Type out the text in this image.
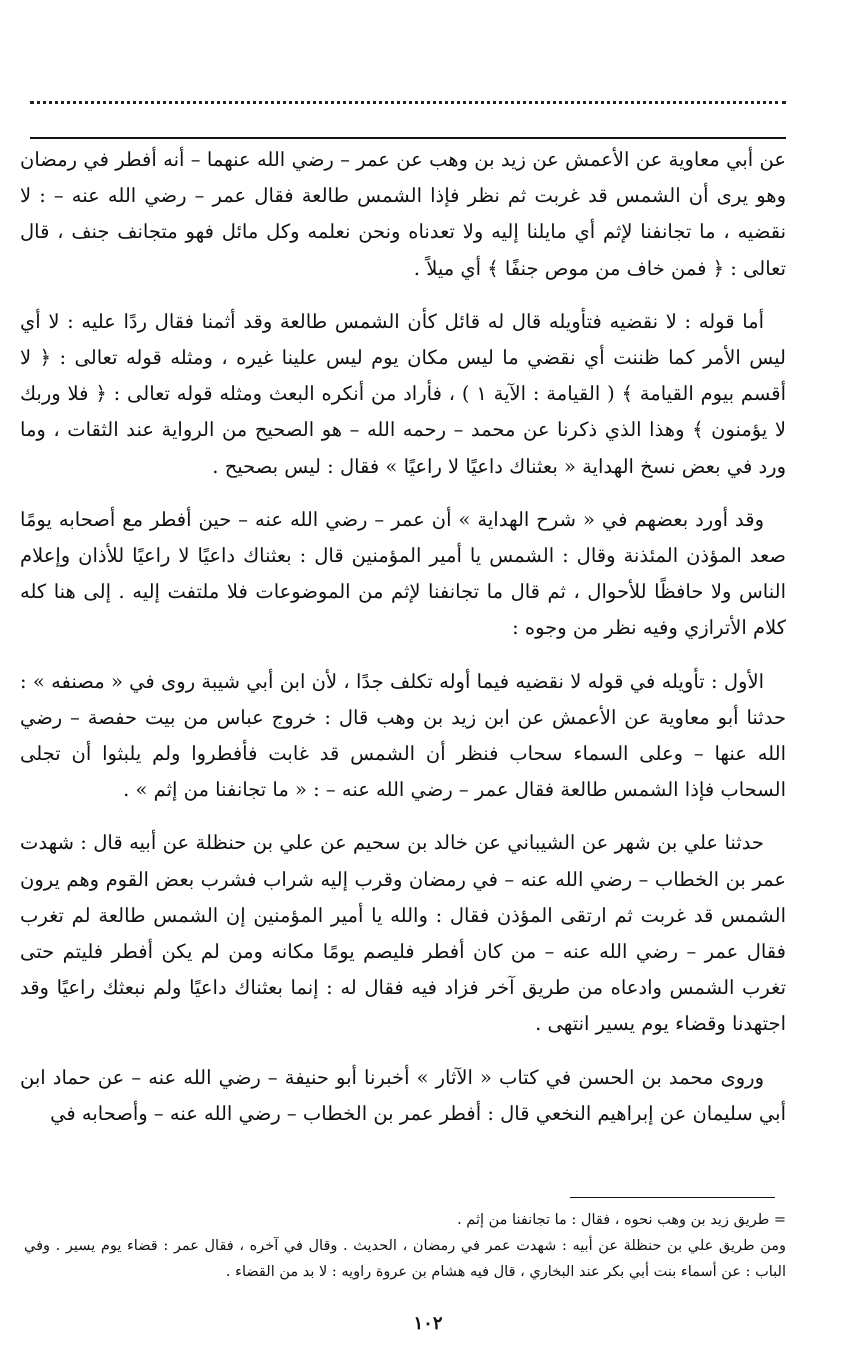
عن أبي معاوية عن الأعمش عن زيد بن وهب عن عمر – رضي الله عنهما – أنه أفطر في رمضان وهو يرى أن الشمس قد غربت ثم نظر فإذا الشمس طالعة فقال عمر – رضي الله عنه – : لا نقضيه ، ما تجانفنا لإثم أي مايلنا إليه ولا تعدناه ونحن نعلمه وكل مائل فهو متجانف جنف ، قال تعالى : ﴿ فمن خاف من موص جنفًا ﴾ أي ميلاً .

أما قوله : لا نقضيه فتأويله قال له قائل كأن الشمس طالعة وقد أثمنا فقال ردًا عليه : لا أي ليس الأمر كما ظننت أي نقضي ما ليس مكان يوم ليس علينا غيره ، ومثله قوله تعالى : ﴿ لا أقسم بيوم القيامة ﴾ ( القيامة : الآية ١ ) ، فأراد من أنكره البعث ومثله قوله تعالى : ﴿ فلا وربك لا يؤمنون ﴾ وهذا الذي ذكرنا عن محمد – رحمه الله – هو الصحيح من الرواية عند الثقات ، وما ورد في بعض نسخ الهداية « بعثناك داعيًا لا راعيًا » فقال : ليس بصحيح .

وقد أورد بعضهم في « شرح الهداية » أن عمر – رضي الله عنه – حين أفطر مع أصحابه يومًا صعد المؤذن المئذنة وقال : الشمس يا أمير المؤمنين قال : بعثناك داعيًا لا راعيًا للأذان وإعلام الناس ولا حافظًا للأحوال ، ثم قال ما تجانفنا لإثم من الموضوعات فلا ملتفت إليه . إلى هنا كله كلام الأترازي وفيه نظر من وجوه :

الأول : تأويله في قوله لا نقضيه فيما أوله تكلف جدًا ، لأن ابن أبي شيبة روى في « مصنفه » : حدثنا أبو معاوية عن الأعمش عن ابن زيد بن وهب قال : خروج عباس من بيت حفصة – رضي الله عنها – وعلى السماء سحاب فنظر أن الشمس قد غابت فأفطروا ولم يلبثوا أن تجلى السحاب فإذا الشمس طالعة فقال عمر – رضي الله عنه – : « ما تجانفنا من إثم » .

حدثنا علي بن شهر عن الشيباني عن خالد بن سحيم عن علي بن حنظلة عن أبيه قال : شهدت عمر بن الخطاب – رضي الله عنه – في رمضان وقرب إليه شراب فشرب بعض القوم وهم يرون الشمس قد غربت ثم ارتقى المؤذن فقال : والله يا أمير المؤمنين إن الشمس طالعة لم تغرب فقال عمر – رضي الله عنه – من كان أفطر فليصم يومًا مكانه ومن لم يكن أفطر فليتم حتى تغرب الشمس وادعاه من طريق آخر فزاد فيه فقال له : إنما بعثناك داعيًا ولم نبعثك راعيًا وقد اجتهدنا وقضاء يوم يسير انتهى .

وروى محمد بن الحسن في كتاب « الآثار » أخبرنا أبو حنيفة – رضي الله عنه – عن حماد ابن أبي سليمان عن إبراهيم النخعي قال : أفطر عمر بن الخطاب – رضي الله عنه – وأصحابه في

= طريق زيد بن وهب نحوه ، فقال : ما تجانفنا من إثم .

ومن طريق علي بن حنظلة عن أبيه : شهدت عمر في رمضان ، الحديث . وقال في آخره ، فقال عمر : قضاء يوم يسير . وفي الباب : عن أسماء بنت أبي بكر عند البخاري ، قال فيه هشام بن عروة راويه : لا بد من القضاء .

١٠٢
